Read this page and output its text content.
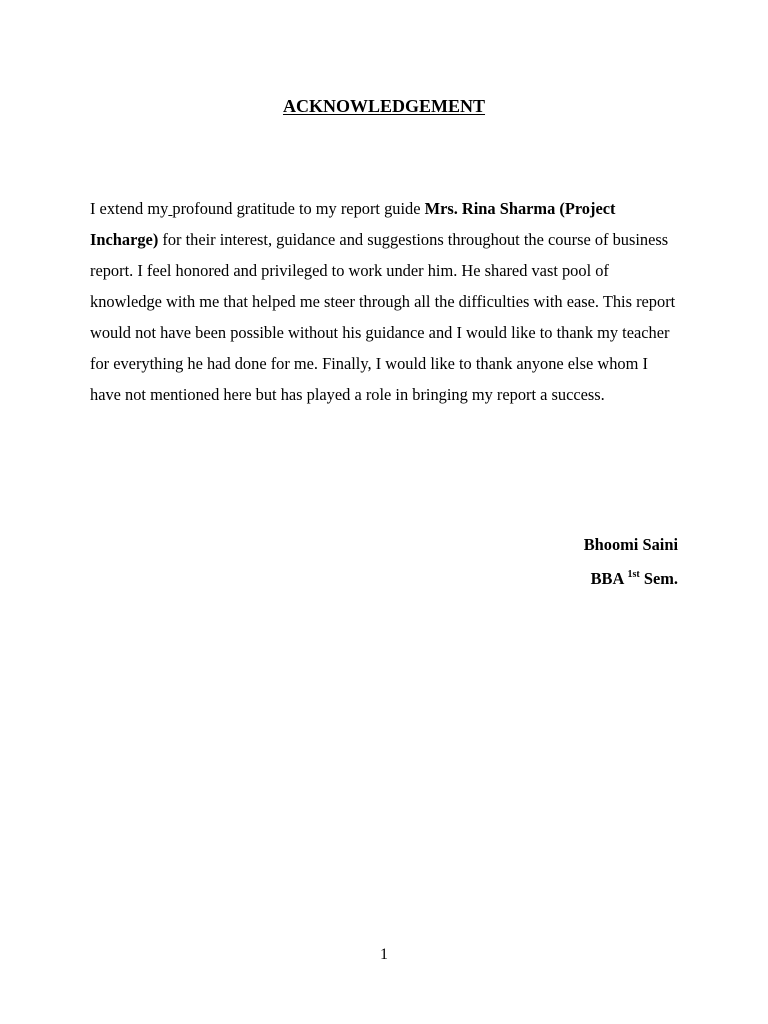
ACKNOWLEDGEMENT

I extend my profound gratitude to my report guide Mrs. Rina Sharma (Project Incharge) for their interest, guidance and suggestions throughout the course of business report. I feel honored and privileged to work under him. He shared vast pool of knowledge with me that helped me steer through all the difficulties with ease. This report would not have been possible without his guidance and I would like to thank my teacher for everything he had done for me. Finally, I would like to thank anyone else whom I have not mentioned here but has played a role in bringing my report a success.

Bhoomi Saini

BBA $^{1st}$ Sem.

1
